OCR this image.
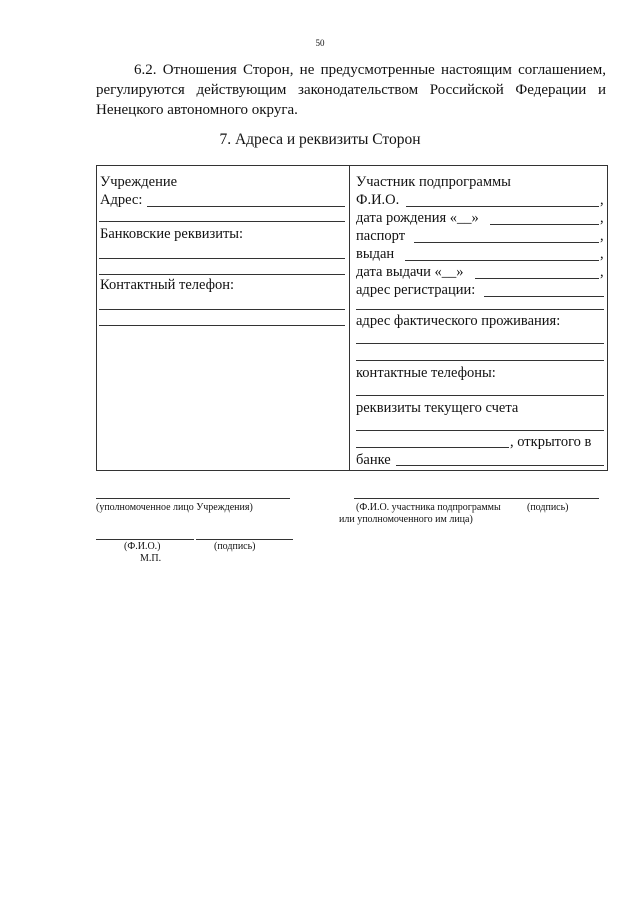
50

6.2. Отношения Сторон, не предусмотренные настоящим соглашением, регулируются действующим законодательством Российской Федерации и Ненецкого автономного округа.

7. Адреса и реквизиты Сторон
Учреждение
Адрес:
Банковские реквизиты:
Контактный телефон:
Участник подпрограммы
Ф.И.О.	,
дата рождения «__»	,
паспорт	,
выдан	,
дата выдачи «__»	,
адрес регистрации:
адрес фактического проживания:
контактные телефоны:
реквизиты текущего счета
, открытого в
банке
(уполномоченное лицо Учреждения)
(Ф.И.О.)	(подпись)
М.П.
(Ф.И.О. участника подпрограммы	(подпись)
или уполномоченного им лица)
